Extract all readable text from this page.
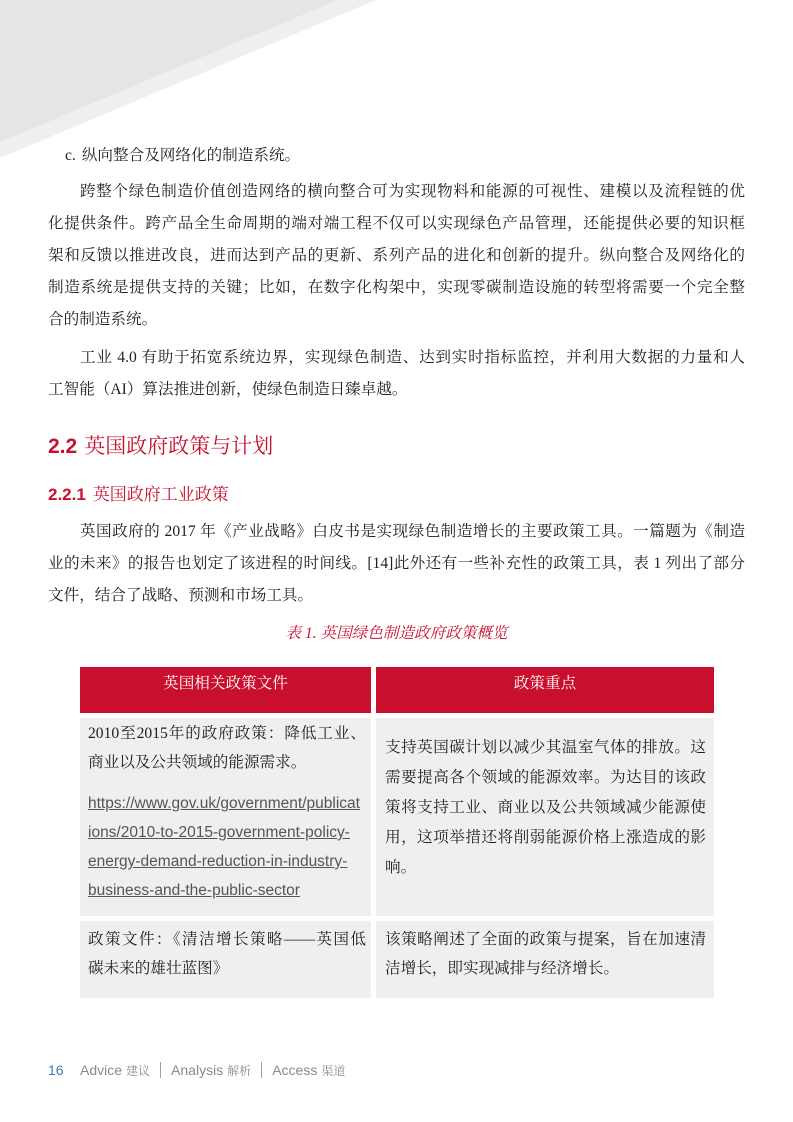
c. 纵向整合及网络化的制造系统。
跨整个绿色制造价值创造网络的横向整合可为实现物料和能源的可视性、建模以及流程链的优
化提供条件。跨产品全生命周期的端对端工程不仅可以实现绿色产品管理，还能提供必要的知识框
架和反馈以推进改良，进而达到产品的更新、系列产品的进化和创新的提升。纵向整合及网络化的
制造系统是提供支持的关键；比如，在数字化构架中，实现零碳制造设施的转型将需要一个完全整
合的制造系统。
工业 4.0 有助于拓宽系统边界，实现绿色制造、达到实时指标监控，并利用大数据的力量和人
工智能（AI）算法推进创新，使绿色制造日臻卓越。
2.2 英国政府政策与计划
2.2.1 英国政府工业政策
英国政府的 2017 年《产业战略》白皮书是实现绿色制造增长的主要政策工具。一篇题为《制造
业的未来》的报告也划定了该进程的时间线。[14]此外还有一些补充性的政策工具，表 1 列出了部分
文件，结合了战略、预测和市场工具。
表 1. 英国绿色制造政府政策概览
英国相关政策文件	政策重点
2010至2015年的政府政策：降低工业、
商业以及公共领域的能源需求。
https://www.gov.uk/government/publicat
ions/2010-to-2015-government-policy-
energy-demand-reduction-in-industry-
business-and-the-public-sector
支持英国碳计划以减少其温室气体的排放。这
需要提高各个领域的能源效率。为达目的该政
策将支持工业、商业以及公共领域减少能源使
用，这项举措还将削弱能源价格上涨造成的影
响。
政策文件：《清洁增长策略——英国低
碳未来的雄壮蓝图》
该策略阐述了全面的政策与提案，旨在加速清
洁增长，即实现减排与经济增长。
16	Advice 建议 Analysis 解析 Access 渠道
